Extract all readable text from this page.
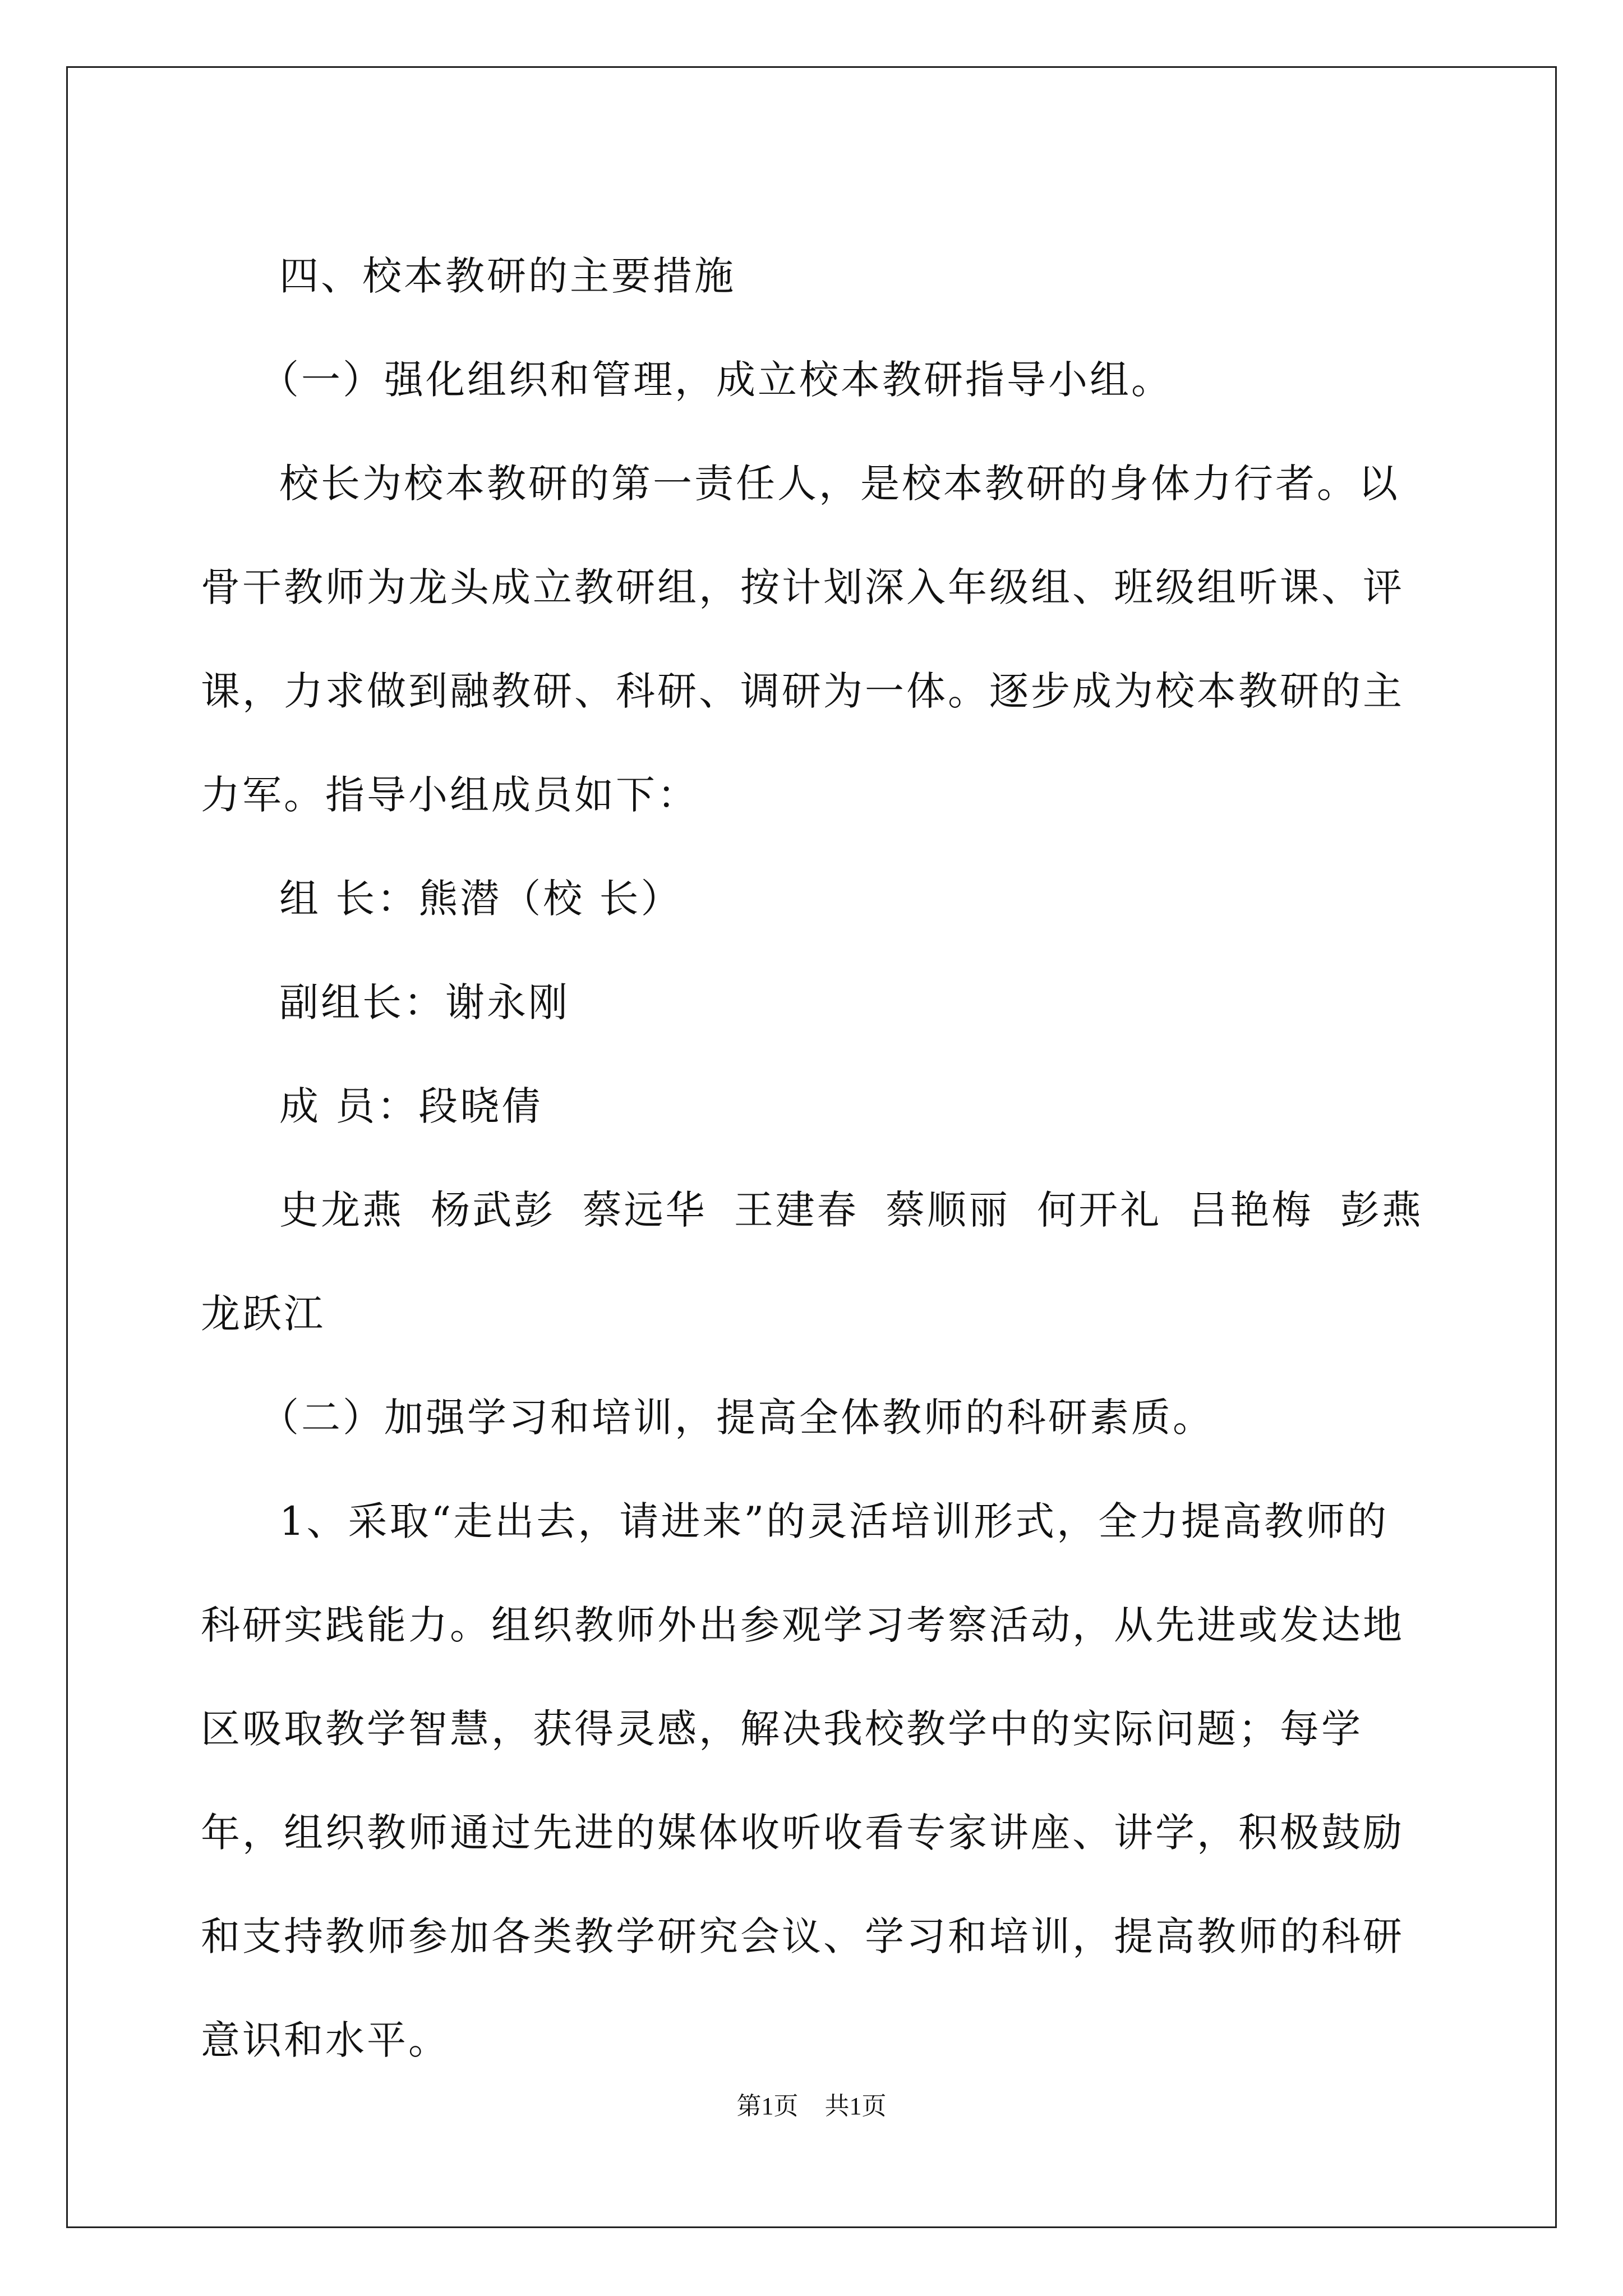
四、校本教研的主要措施

（一）强化组织和管理，成立校本教研指导小组。

校长为校本教研的第一责任人，是校本教研的身体力行者。以骨干教师为龙头成立教研组，按计划深入年级组、班级组听课、评课，力求做到融教研、科研、调研为一体。逐步成为校本教研的主力军。指导小组成员如下：

组 长：熊潜（校 长）

副组长：谢永刚

成 员：段晓倩

史龙燕 杨武彭 蔡远华 王建春 蔡顺丽 何开礼 吕艳梅 彭燕 龙跃江

（二）加强学习和培训，提高全体教师的科研素质。

1、采取“走出去，请进来”的灵活培训形式，全力提高教师的科研实践能力。组织教师外出参观学习考察活动，从先进或发达地区吸取教学智慧，获得灵感，解决我校教学中的实际问题；每学年，组织教师通过先进的媒体收听收看专家讲座、讲学，积极鼓励和支持教师参加各类教学研究会议、学习和培训，提高教师的科研意识和水平。

第1页 共1页
